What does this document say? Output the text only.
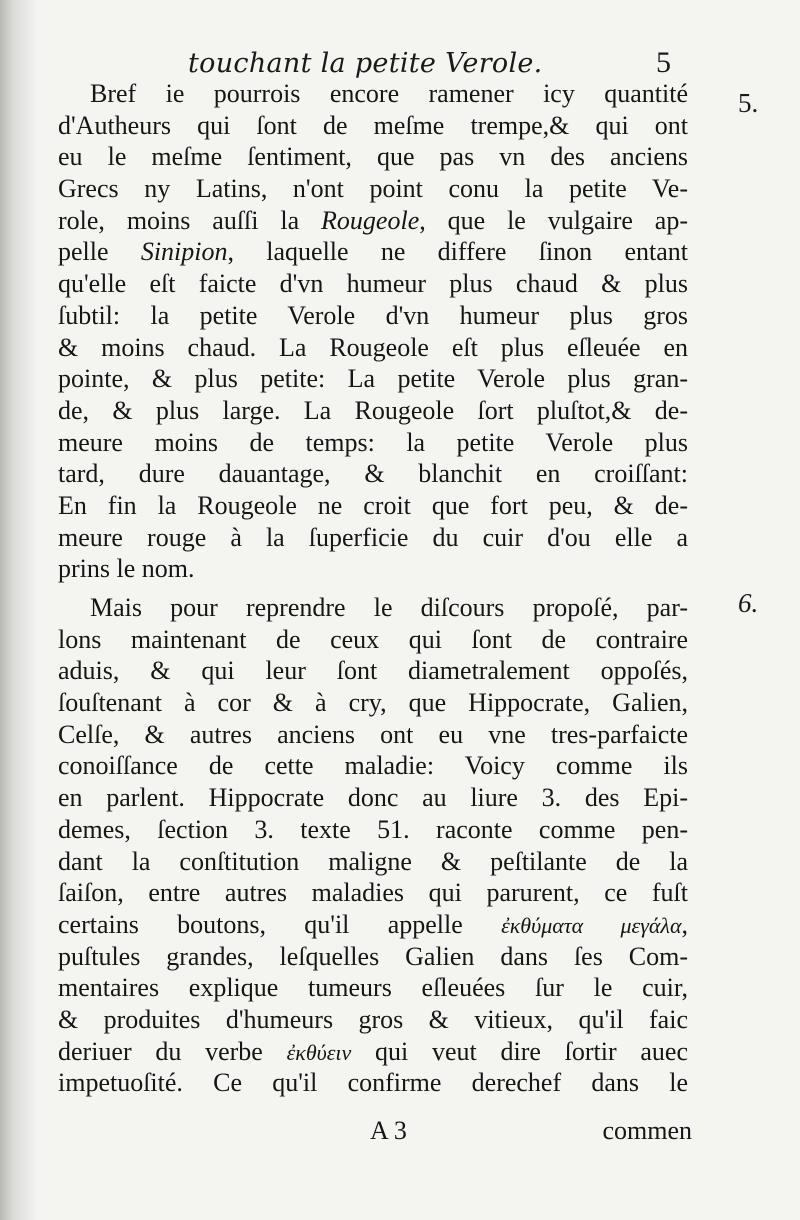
touchant la petite Verole.	5
5.
6.
Bref ie pourrois encore ramener icy quantité
d'Autheurs qui ſont de meſme trempe,& qui ont
eu le meſme ſentiment, que pas vn des anciens
Grecs ny Latins, n'ont point conu la petite Ve-
role, moins auſſi la Rougeole, que le vulgaire ap-
pelle Sinipion, laquelle ne differe ſinon entant
qu'elle eſt faicte d'vn humeur plus chaud & plus
ſubtil: la petite Verole d'vn humeur plus gros
& moins chaud. La Rougeole eſt plus eſleuée en
pointe, & plus petite: La petite Verole plus gran-
de, & plus large. La Rougeole ſort pluſtot,& de-
meure moins de temps: la petite Verole plus
tard, dure dauantage, & blanchit en croiſſant:
En fin la Rougeole ne croit que fort peu, & de-
meure rouge à la ſuperficie du cuir d'ou elle a
prins le nom.
Mais pour reprendre le diſcours propoſé, par-
lons maintenant de ceux qui ſont de contraire
aduis, & qui leur ſont diametralement oppoſés,
ſouſtenant à cor & à cry, que Hippocrate, Galien,
Celſe, & autres anciens ont eu vne tres-parfaicte
conoiſſance de cette maladie: Voicy comme ils
en parlent. Hippocrate donc au liure 3. des Epi-
demes, ſection 3. texte 51. raconte comme pen-
dant la conſtitution maligne & peſtilante de la
ſaiſon, entre autres maladies qui parurent, ce fuſt
certains boutons, qu'il appelle ἐκθύματα μεγάλα,
puſtules grandes, leſquelles Galien dans ſes Com-
mentaires explique tumeurs eſleuées ſur le cuir,
& produites d'humeurs gros & vitieux, qu'il faic
deriuer du verbe ἐκθύειν qui veut dire ſortir auec
impetuoſité. Ce qu'il confirme derechef dans le
A 3	commen
